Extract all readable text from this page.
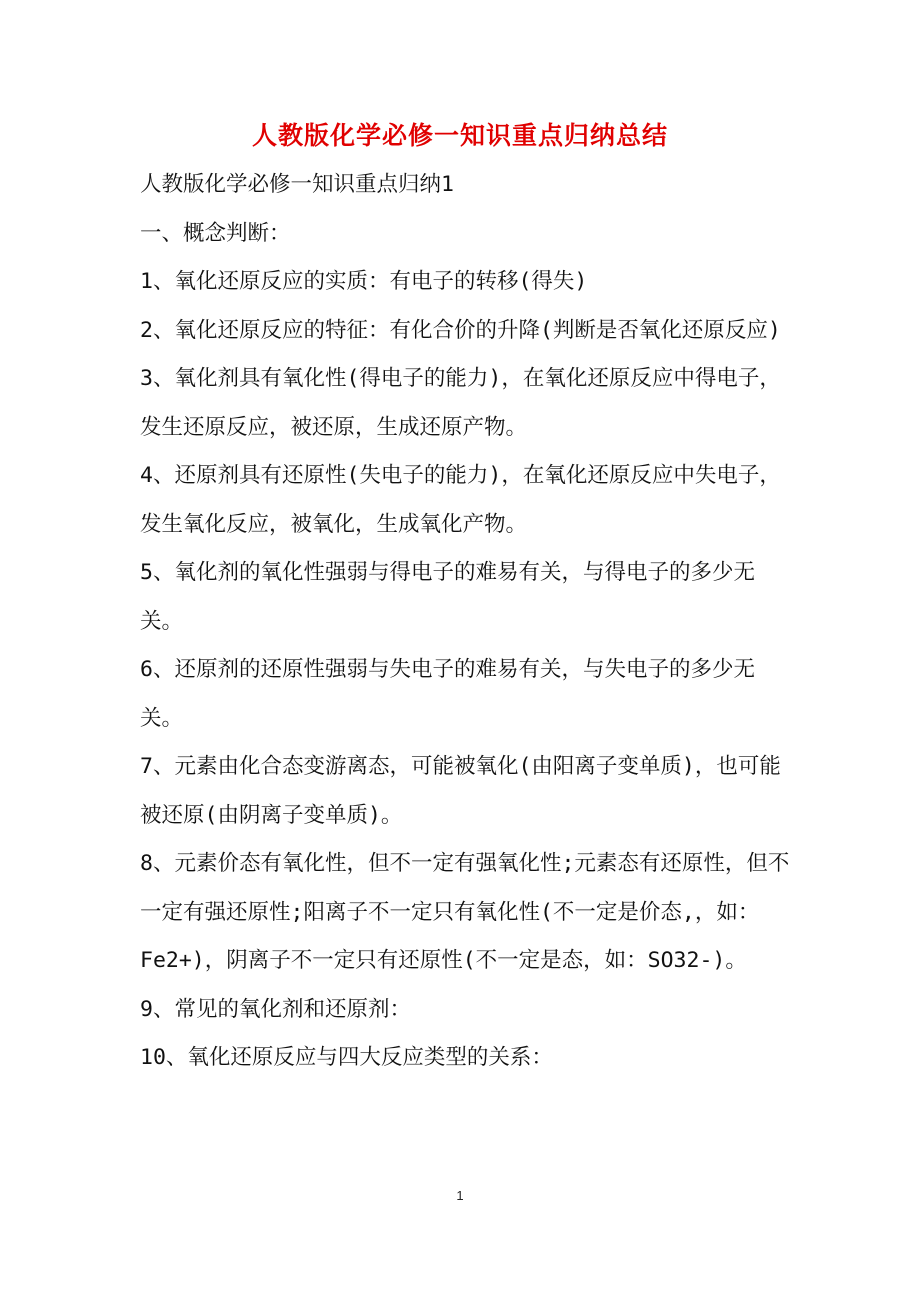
人教版化学必修一知识重点归纳总结

人教版化学必修一知识重点归纳1

一、概念判断：

1、氧化还原反应的实质：有电子的转移(得失)

2、氧化还原反应的特征：有化合价的升降(判断是否氧化还原反应)

3、氧化剂具有氧化性(得电子的能力)，在氧化还原反应中得电子，发生还原反应，被还原，生成还原产物。

4、还原剂具有还原性(失电子的能力)，在氧化还原反应中失电子，发生氧化反应，被氧化，生成氧化产物。

5、氧化剂的氧化性强弱与得电子的难易有关，与得电子的多少无关。

6、还原剂的还原性强弱与失电子的难易有关，与失电子的多少无关。

7、元素由化合态变游离态，可能被氧化(由阳离子变单质)，也可能被还原(由阴离子变单质)。

8、元素价态有氧化性，但不一定有强氧化性;元素态有还原性，但不一定有强还原性;阳离子不一定只有氧化性(不一定是价态,，如：Fe2+)，阴离子不一定只有还原性(不一定是态，如：SO32-)。

9、常见的氧化剂和还原剂：

10、氧化还原反应与四大反应类型的关系：

1
